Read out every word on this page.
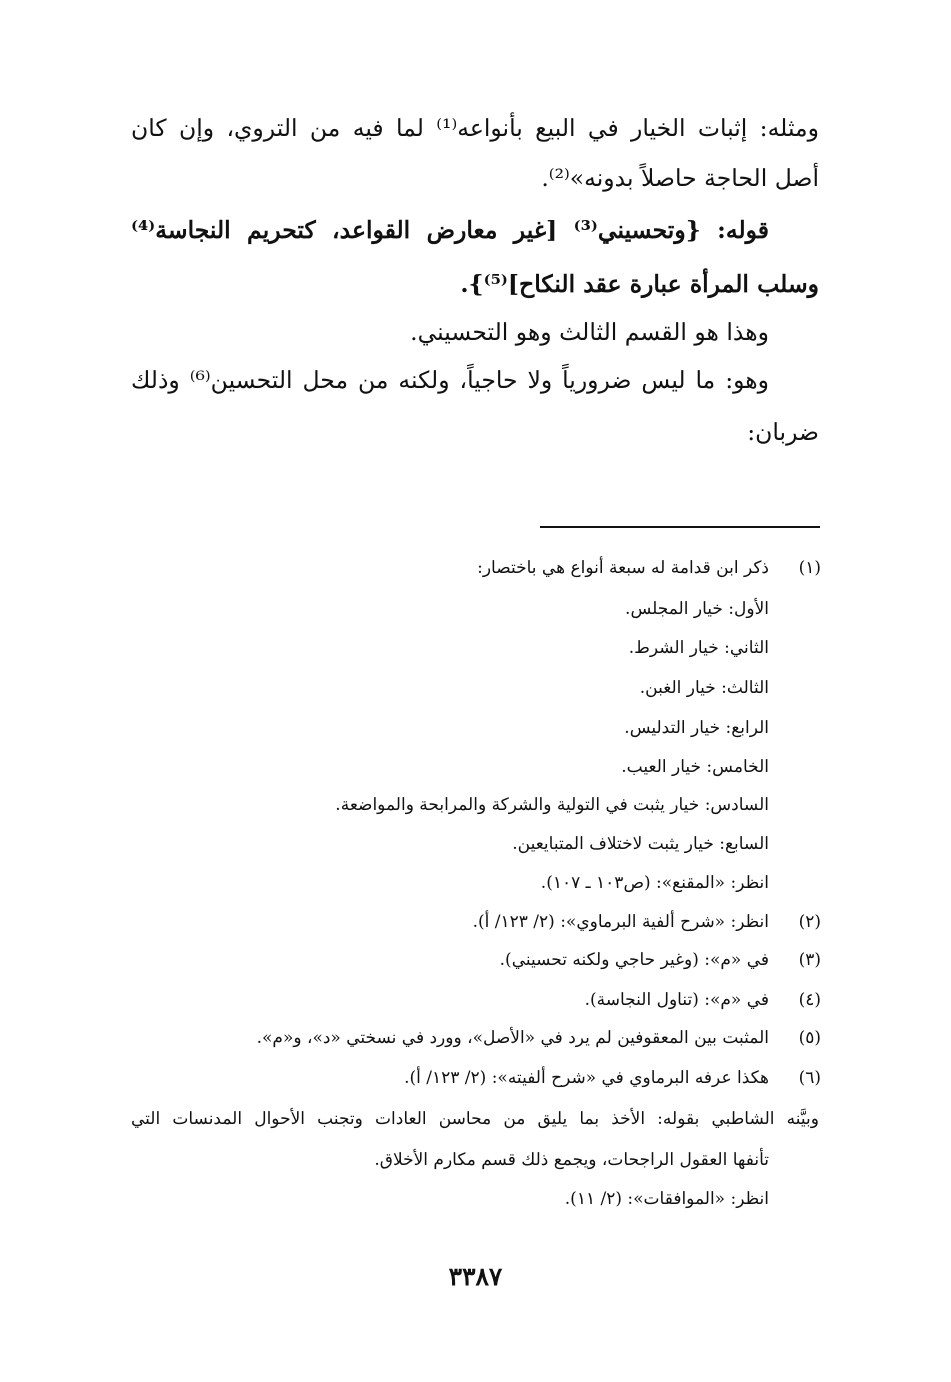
ومثله: إثبات الخيار في البيع بأنواعه⁽¹⁾ لما فيه من التروي، وإن كان
أصل الحاجة حاصلاً بدونه»⁽²⁾.
قوله: {وتحسيني⁽³⁾ [غير معارض القواعد، كتحريم النجاسة⁽⁴⁾
وسلب المرأة عبارة عقد النكاح]⁽⁵⁾}.
وهذا هو القسم الثالث وهو التحسيني.
وهو: ما ليس ضرورياً ولا حاجياً، ولكنه من محل التحسين⁽⁶⁾ وذلك
ضربان:
(١)
ذكر ابن قدامة له سبعة أنواع هي باختصار:
الأول: خيار المجلس.
الثاني: خيار الشرط.
الثالث: خيار الغبن.
الرابع: خيار التدليس.
الخامس: خيار العيب.
السادس: خيار يثبت في التولية والشركة والمرابحة والمواضعة.
السابع: خيار يثبت لاختلاف المتبايعين.
انظر: «المقنع»: (ص١٠٣ ـ ١٠٧).
(٢)
انظر: «شرح ألفية البرماوي»: (٢/ ١٢٣/ أ).
(٣)
في «م»: (وغير حاجي ولكنه تحسيني).
(٤)
في «م»: (تناول النجاسة).
(٥)
المثبت بين المعقوفين لم يرد في «الأصل»، وورد في نسختي «د»، و«م».
(٦)
هكذا عرفه البرماوي في «شرح ألفيته»: (٢/ ١٢٣/ أ).
وبيَّنه الشاطبي بقوله: الأخذ بما يليق من محاسن العادات وتجنب الأحوال المدنسات التي
تأنفها العقول الراجحات، ويجمع ذلك قسم مكارم الأخلاق.
انظر: «الموافقات»: (٢/ ١١).
٣٣٨٧
